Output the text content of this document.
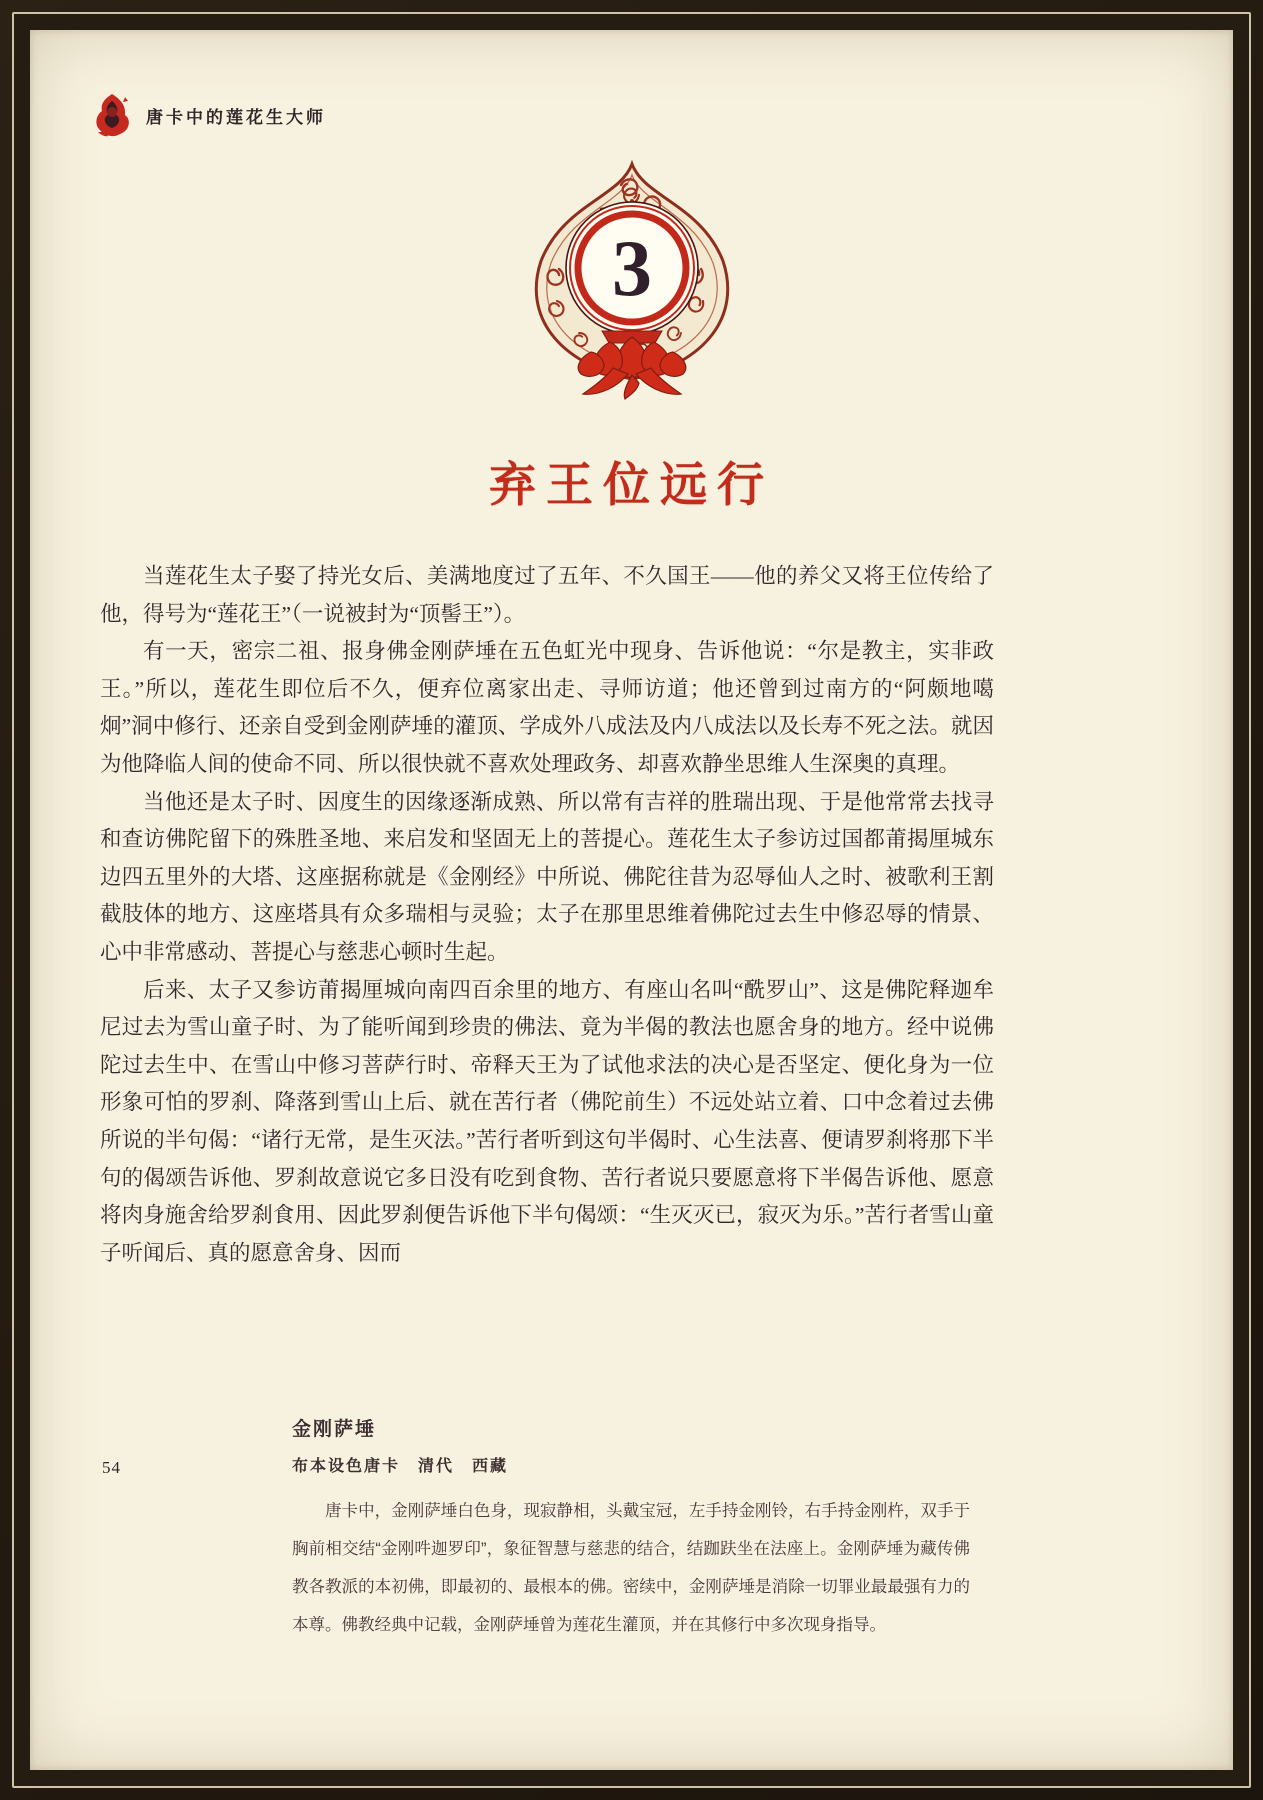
唐卡中的莲花生大师
3
弃王位远行

当莲花生太子娶了持光女后、美满地度过了五年、不久国王——他的养父又将王位传给了他，得号为“莲花王”（一说被封为“顶髻王”）。

有一天，密宗二祖、报身佛金刚萨埵在五色虹光中现身、告诉他说：“尔是教主，实非政王。”所以，莲花生即位后不久，便弃位离家出走、寻师访道；他还曾到过南方的“阿颇地噶炯”洞中修行、还亲自受到金刚萨埵的灌顶、学成外八成法及内八成法以及长寿不死之法。就因为他降临人间的使命不同、所以很快就不喜欢处理政务、却喜欢静坐思维人生深奥的真理。

当他还是太子时、因度生的因缘逐渐成熟、所以常有吉祥的胜瑞出现、于是他常常去找寻和查访佛陀留下的殊胜圣地、来启发和坚固无上的菩提心。莲花生太子参访过国都莆揭厘城东边四五里外的大塔、这座据称就是《金刚经》中所说、佛陀往昔为忍辱仙人之时、被歌利王割截肢体的地方、这座塔具有众多瑞相与灵验；太子在那里思维着佛陀过去生中修忍辱的情景、心中非常感动、菩提心与慈悲心顿时生起。

后来、太子又参访莆揭厘城向南四百余里的地方、有座山名叫“酰罗山”、这是佛陀释迦牟尼过去为雪山童子时、为了能听闻到珍贵的佛法、竟为半偈的教法也愿舍身的地方。经中说佛陀过去生中、在雪山中修习菩萨行时、帝释天王为了试他求法的决心是否坚定、便化身为一位形象可怕的罗刹、降落到雪山上后、就在苦行者（佛陀前生）不远处站立着、口中念着过去佛所说的半句偈：“诸行无常，是生灭法。”苦行者听到这句半偈时、心生法喜、便请罗刹将那下半句的偈颂告诉他、罗刹故意说它多日没有吃到食物、苦行者说只要愿意将下半偈告诉他、愿意将肉身施舍给罗刹食用、因此罗刹便告诉他下半句偈颂：“生灭灭已，寂灭为乐。”苦行者雪山童子听闻后、真的愿意舍身、因而

金刚萨埵

布本设色唐卡　清代　西藏

唐卡中，金刚萨埵白色身，现寂静相，头戴宝冠，左手持金刚铃，右手持金刚杵，双手于胸前相交结“金刚吽迦罗印”，象征智慧与慈悲的结合，结跏趺坐在法座上。金刚萨埵为藏传佛教各教派的本初佛，即最初的、最根本的佛。密续中，金刚萨埵是消除一切罪业最最强有力的本尊。佛教经典中记载，金刚萨埵曾为莲花生灌顶，并在其修行中多次现身指导。

54
